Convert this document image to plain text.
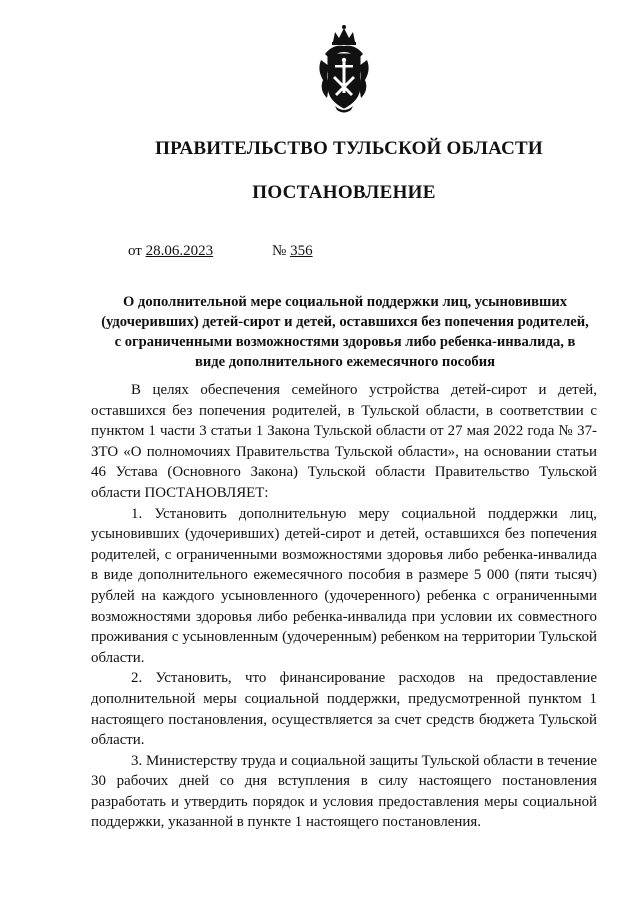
ПРАВИТЕЛЬСТВО ТУЛЬСКОЙ ОБЛАСТИ
ПОСТАНОВЛЕНИЕ
от 28.06.2023	№ 356
О дополнительной мере социальной поддержки лиц, усыновивших (удочеривших) детей-сирот и детей, оставшихся без попечения родителей, с ограниченными возможностями здоровья либо ребенка-инвалида, в виде дополнительного ежемесячного пособия

В целях обеспечения семейного устройства детей-сирот и детей, оставшихся без попечения родителей, в Тульской области, в соответствии с пунктом 1 части 3 статьи 1 Закона Тульской области от 27 мая 2022 года № 37-ЗТО «О полномочиях Правительства Тульской области», на основании статьи 46 Устава (Основного Закона) Тульской области Правительство Тульской области ПОСТАНОВЛЯЕТ:

1. Установить дополнительную меру социальной поддержки лиц, усыновивших (удочеривших) детей-сирот и детей, оставшихся без попечения родителей, с ограниченными возможностями здоровья либо ребенка-инвалида в виде дополнительного ежемесячного пособия в размере 5 000 (пяти тысяч) рублей на каждого усыновленного (удочеренного) ребенка с ограниченными возможностями здоровья либо ребенка-инвалида при условии их совместного проживания с усыновленным (удочеренным) ребенком на территории Тульской области.

2. Установить, что финансирование расходов на предоставление дополнительной меры социальной поддержки, предусмотренной пунктом 1 настоящего постановления, осуществляется за счет средств бюджета Тульской области.

3. Министерству труда и социальной защиты Тульской области в течение 30 рабочих дней со дня вступления в силу настоящего постановления разработать и утвердить порядок и условия предоставления меры социальной поддержки, указанной в пункте 1 настоящего постановления.
